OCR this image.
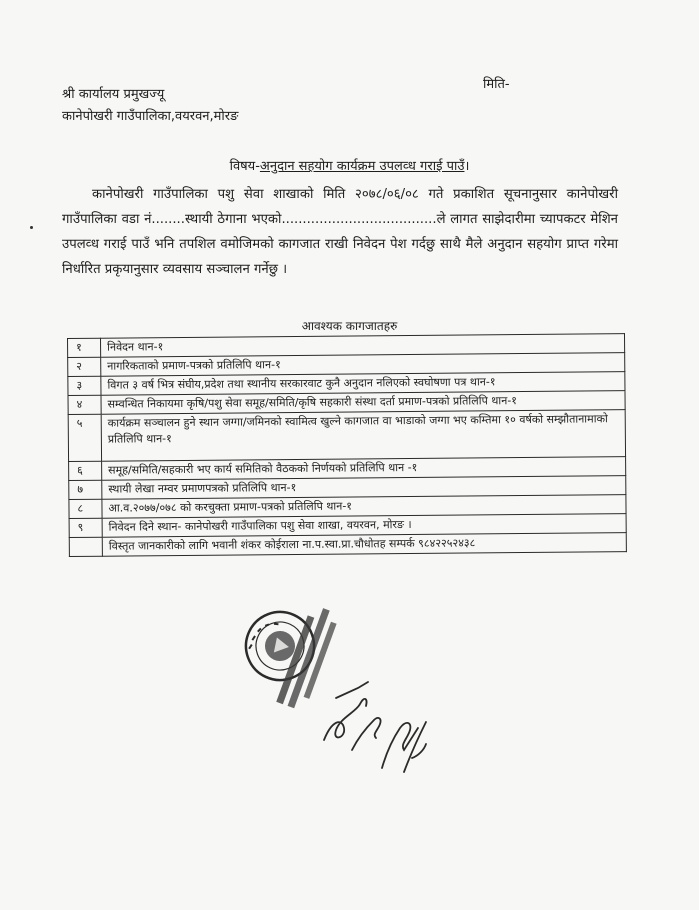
मिति-
श्री कार्यालय प्रमुखज्यू
कानेपोखरी गाउँपालिका,वयरवन,मोरङ
विषय-अनुदान सहयोग कार्यक्रम उपलव्ध गराई पाउँ।

कानेपोखरी गाउँपालिका पशु सेवा शाखाको मिति २०७८/०६/०८ गते प्रकाशित सूचनानुसार कानेपोखरी गाउँपालिका वडा नं........स्थायी ठेगाना भएको.....................................ले लागत साझेदारीमा च्यापकटर मेशिन उपलव्ध गराई पाउँ भनि तपशिल वमोजिमको कागजात राखी निवेदन पेश गर्दछु साथै मैले अनुदान सहयोग प्राप्त गरेमा निर्धारित प्रकृयानुसार व्यवसाय सञ्चालन गर्नेछु ।

आवश्यक कागजातहरु
१	निवेदन थान-१
२	नागरिकताको प्रमाण-पत्रको प्रतिलिपि थान-१
३	विगत ३ वर्ष भित्र संघीय,प्रदेश तथा स्थानीय सरकारवाट कुनै अनुदान नलिएको स्वघोषणा पत्र थान-१
४	सम्वन्धित निकायमा कृषि/पशु सेवा समूह/समिति/कृषि सहकारी संस्था दर्ता प्रमाण-पत्रको प्रतिलिपि थान-१
५	कार्यक्रम सञ्चालन हुने स्थान जग्गा/जमिनको स्वामित्व खुल्ने कागजात वा भाडाको जग्गा भए कम्तिमा १० वर्षको सम्झौतानामाको प्रतिलिपि थान-१
६	समूह/समिति/सहकारी भए कार्य समितिको वैठकको निर्णयको प्रतिलिपि थान -१
७	स्थायी लेखा नम्वर प्रमाणपत्रको प्रतिलिपि थान-१
८	आ.व.२०७७/०७८ को करचुक्ता प्रमाण-पत्रको प्रतिलिपि थान-१
९	निवेदन दिने स्थान- कानेपोखरी गाउँपालिका पशु सेवा शाखा, वयरवन, मोरङ ।
	विस्तृत जानकारीको लागि भवानी शंकर कोईराला ना.प.स्वा.प्रा.चौधोतह सम्पर्क ९८४२२५२४३८
